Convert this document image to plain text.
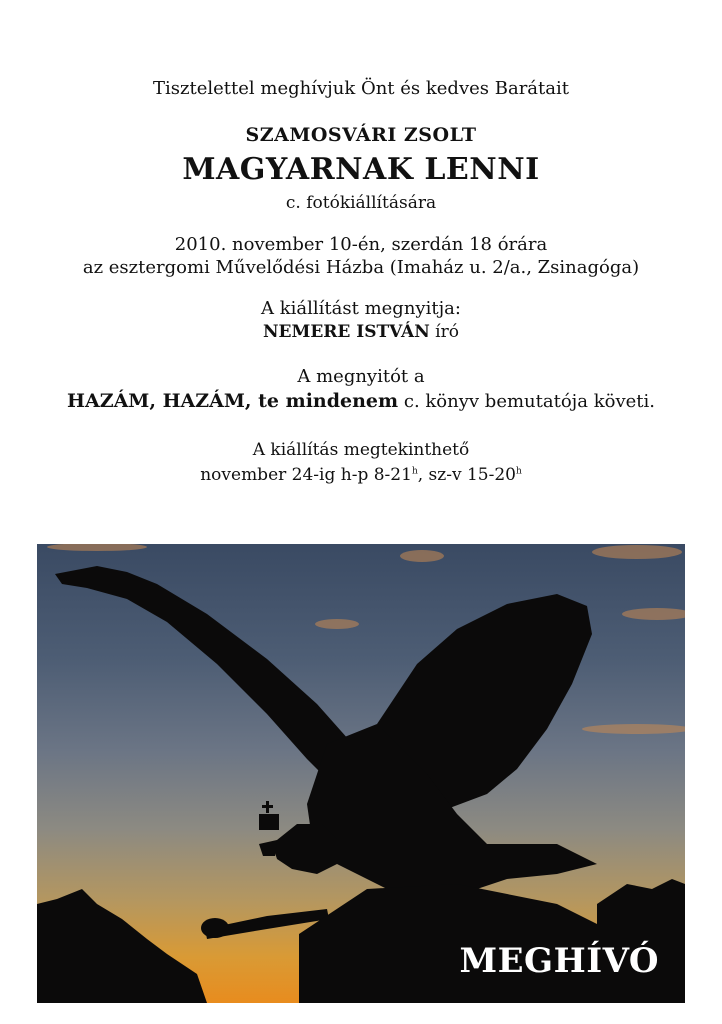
Tisztelettel meghívjuk Önt és kedves Barátait

SZAMOSVÁRI ZSOLT

MAGYARNAK LENNI

c. fotókiállítására

2010. november 10-én, szerdán 18 órára

az esztergomi Művelődési Házba (Imaház u. 2/a., Zsinagóga)

A kiállítást megnyitja:

NEMERE ISTVÁN író

A megnyitót a

HAZÁM, HAZÁM, te mindenem c. könyv bemutatója követi.

A kiállítás megtekinthető

november 24-ig h-p 8-21$^h$, sz-v 15-20$^h$

MEGHÍVÓ
